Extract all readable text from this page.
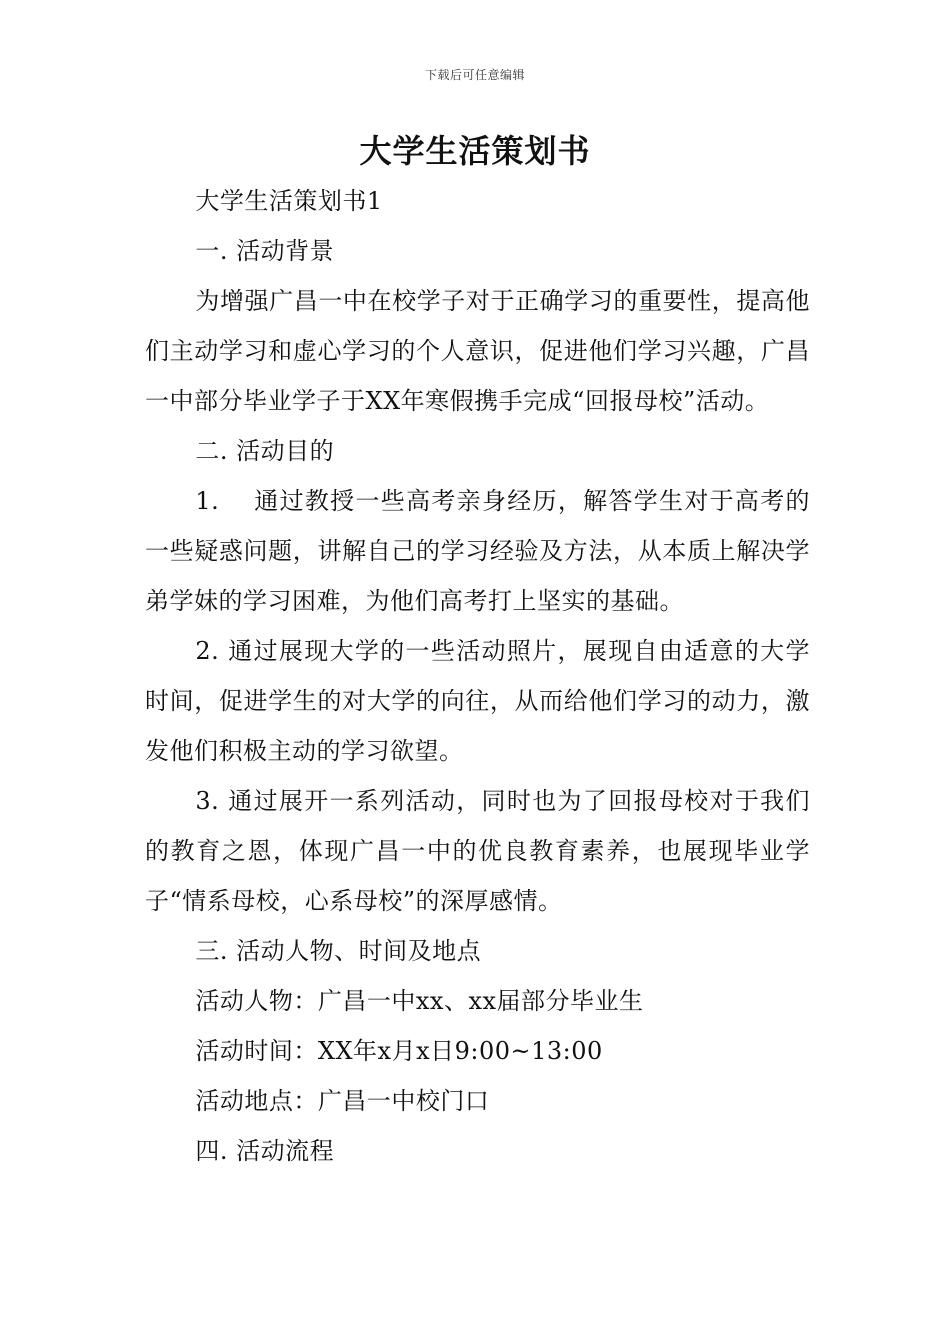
下载后可任意编辑
大学生活策划书

大学生活策划书1

一. 活动背景

为增强广昌一中在校学子对于正确学习的重要性，提高他们主动学习和虚心学习的个人意识，促进他们学习兴趣，广昌一中部分毕业学子于XX年寒假携手完成“回报母校”活动。

二. 活动目的

1.　 通过教授一些高考亲身经历，解答学生对于高考的一些疑惑问题，讲解自己的学习经验及方法，从本质上解决学弟学妹的学习困难，为他们高考打上坚实的基础。

2. 通过展现大学的一些活动照片，展现自由适意的大学时间，促进学生的对大学的向往，从而给他们学习的动力，激发他们积极主动的学习欲望。

3. 通过展开一系列活动，同时也为了回报母校对于我们的教育之恩，体现广昌一中的优良教育素养，也展现毕业学子“情系母校，心系母校”的深厚感情。

三. 活动人物、时间及地点

活动人物：广昌一中xx、xx届部分毕业生

活动时间：XX年x月x日9:00~13:00

活动地点：广昌一中校门口

四. 活动流程
